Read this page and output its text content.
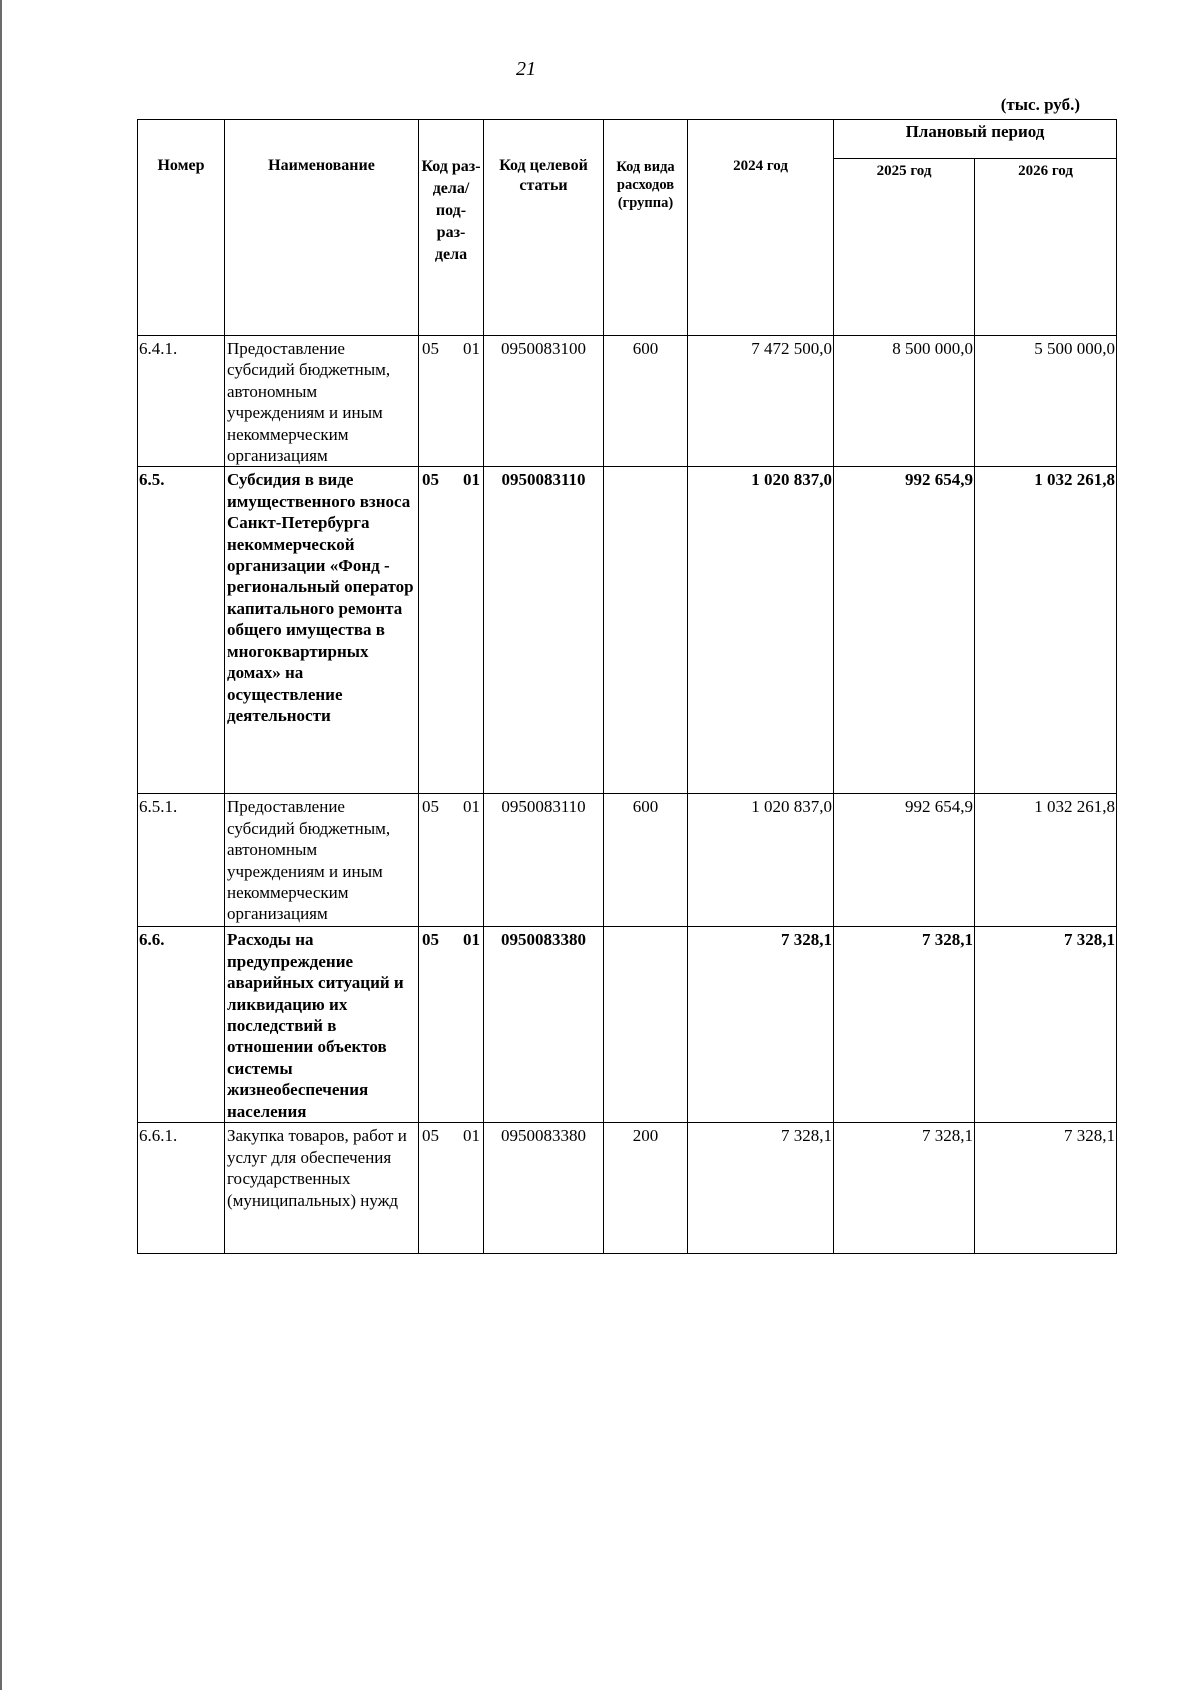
21
(тыс. руб.)
Номер	Наименование	Код раз- дела/ под- раз- дела	Код целевой статьи	Код вида расходов (группа)	2024 год	Плановый период	
						2025 год	2026 год
6.4.1.	Предоставление субсидий бюджетным, автономным учреждениям и иным некоммерческим организациям	05 01	0950083100	600	7 472 500,0	8 500 000,0	5 500 000,0
6.5.	Субсидия в виде имущественного взноса Санкт-Петербурга некоммерческой организации «Фонд - региональный оператор капитального ремонта общего имущества в многоквартирных домах» на осуществление деятельности	05 01	0950083110		1 020 837,0	992 654,9	1 032 261,8
6.5.1.	Предоставление субсидий бюджетным, автономным учреждениям и иным некоммерческим организациям	05 01	0950083110	600	1 020 837,0	992 654,9	1 032 261,8
6.6.	Расходы на предупреждение аварийных ситуаций и ликвидацию их последствий в отношении объектов системы жизнеобеспечения населения	05 01	0950083380		7 328,1	7 328,1	7 328,1
6.6.1.	Закупка товаров, работ и услуг для обеспечения государственных (муниципальных) нужд	05 01	0950083380	200	7 328,1	7 328,1	7 328,1
